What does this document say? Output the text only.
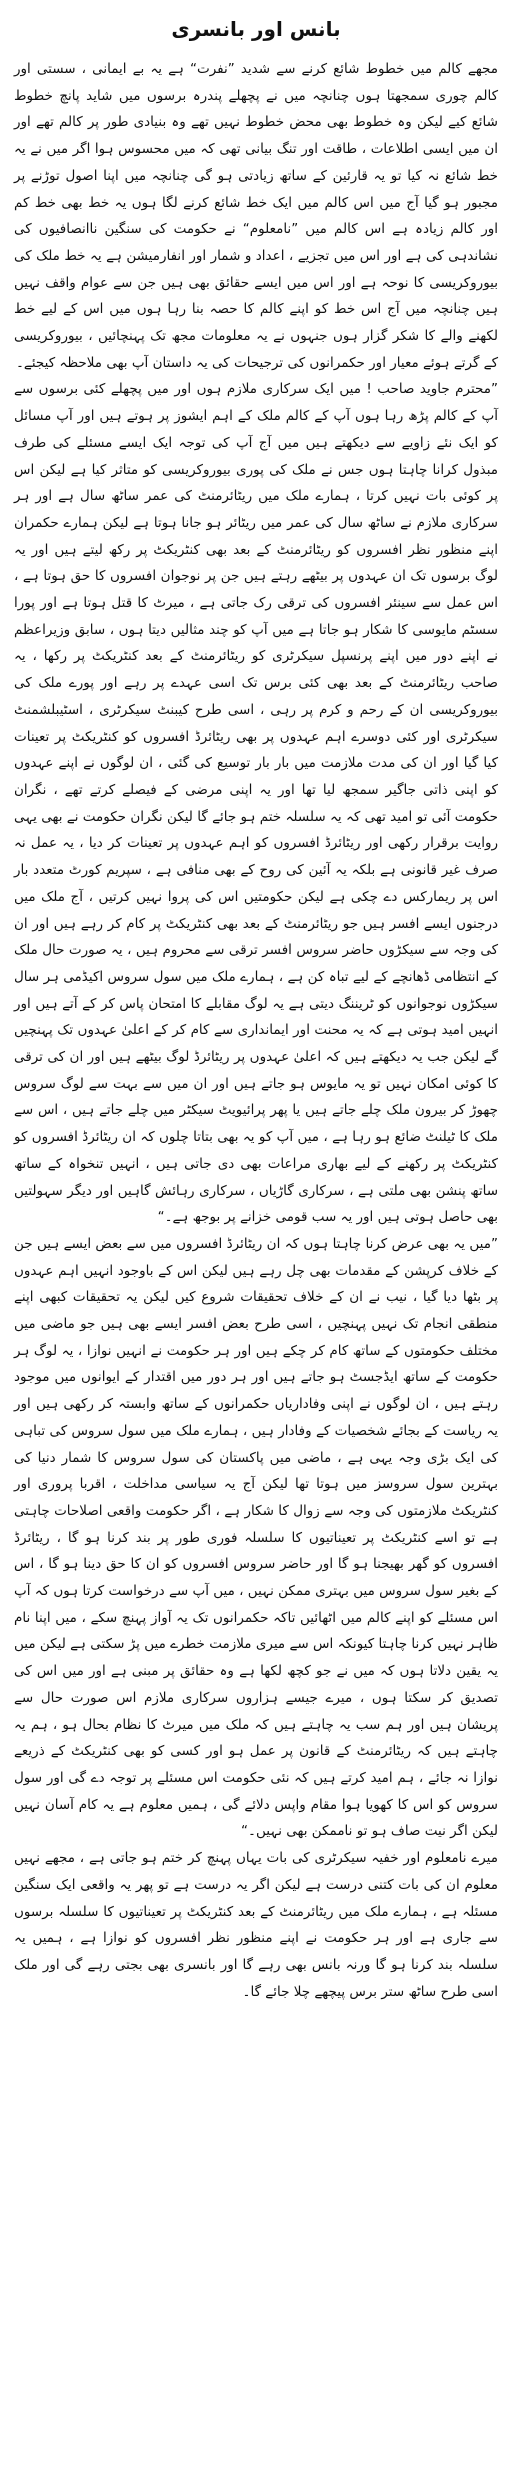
بانس اور بانسری

مجھے کالم میں خطوط شائع کرنے سے شدید ”نفرت“ ہے یہ بے ایمانی ، سستی اور کالم چوری سمجھتا ہوں چنانچہ میں نے پچھلے پندرہ برسوں میں شاید پانچ خطوط شائع کیے لیکن وہ خطوط بھی محض خطوط نہیں تھے وہ بنیادی طور پر کالم تھے اور ان میں ایسی اطلاعات ، طاقت اور تنگ بیانی تھی کہ میں محسوس ہوا اگر میں نے یہ خط شائع نہ کیا تو یہ قارئین کے ساتھ زیادتی ہو گی چنانچہ میں اپنا اصول توڑنے پر مجبور ہو گیا آج میں اس کالم میں ایک خط شائع کرنے لگا ہوں یہ خط بھی خط کم اور کالم زیادہ ہے اس کالم میں ”نامعلوم“ نے حکومت کی سنگین ناانصافیوں کی نشاندہی کی ہے اور اس میں تجزیے ، اعداد و شمار اور انفارمیشن ہے یہ خط ملک کی بیوروکریسی کا نوحہ ہے اور اس میں ایسے حقائق بھی ہیں جن سے عوام واقف نہیں ہیں چنانچہ میں آج اس خط کو اپنے کالم کا حصہ بنا رہا ہوں میں اس کے لیے خط لکھنے والے کا شکر گزار ہوں جنہوں نے یہ معلومات مجھ تک پہنچائیں ، بیوروکریسی کے گرتے ہوئے معیار اور حکمرانوں کی ترجیحات کی یہ داستان آپ بھی ملاحظہ کیجئے۔

”محترم جاوید صاحب ! میں ایک سرکاری ملازم ہوں اور میں پچھلے کئی برسوں سے آپ کے کالم پڑھ رہا ہوں آپ کے کالم ملک کے اہم ایشوز پر ہوتے ہیں اور آپ مسائل کو ایک نئے زاویے سے دیکھتے ہیں میں آج آپ کی توجہ ایک ایسے مسئلے کی طرف مبذول کرانا چاہتا ہوں جس نے ملک کی پوری بیوروکریسی کو متاثر کیا ہے لیکن اس پر کوئی بات نہیں کرتا ، ہمارے ملک میں ریٹائرمنٹ کی عمر ساٹھ سال ہے اور ہر سرکاری ملازم نے ساٹھ سال کی عمر میں ریٹائر ہو جانا ہوتا ہے لیکن ہمارے حکمران اپنے منظور نظر افسروں کو ریٹائرمنٹ کے بعد بھی کنٹریکٹ پر رکھ لیتے ہیں اور یہ لوگ برسوں تک ان عہدوں پر بیٹھے رہتے ہیں جن پر نوجوان افسروں کا حق ہوتا ہے ، اس عمل سے سینئر افسروں کی ترقی رک جاتی ہے ، میرٹ کا قتل ہوتا ہے اور پورا سسٹم مایوسی کا شکار ہو جاتا ہے میں آپ کو چند مثالیں دیتا ہوں ، سابق وزیراعظم نے اپنے دور میں اپنے پرنسپل سیکرٹری کو ریٹائرمنٹ کے بعد کنٹریکٹ پر رکھا ، یہ صاحب ریٹائرمنٹ کے بعد بھی کئی برس تک اسی عہدے پر رہے اور پورے ملک کی بیوروکریسی ان کے رحم و کرم پر رہی ، اسی طرح کیبنٹ سیکرٹری ، اسٹیبلشمنٹ سیکرٹری اور کئی دوسرے اہم عہدوں پر بھی ریٹائرڈ افسروں کو کنٹریکٹ پر تعینات کیا گیا اور ان کی مدت ملازمت میں بار بار توسیع کی گئی ، ان لوگوں نے اپنے عہدوں کو اپنی ذاتی جاگیر سمجھ لیا تھا اور یہ اپنی مرضی کے فیصلے کرتے تھے ، نگران حکومت آئی تو امید تھی کہ یہ سلسلہ ختم ہو جائے گا لیکن نگران حکومت نے بھی یہی روایت برقرار رکھی اور ریٹائرڈ افسروں کو اہم عہدوں پر تعینات کر دیا ، یہ عمل نہ صرف غیر قانونی ہے بلکہ یہ آئین کی روح کے بھی منافی ہے ، سپریم کورٹ متعدد بار اس پر ریمارکس دے چکی ہے لیکن حکومتیں اس کی پروا نہیں کرتیں ، آج ملک میں درجنوں ایسے افسر ہیں جو ریٹائرمنٹ کے بعد بھی کنٹریکٹ پر کام کر رہے ہیں اور ان کی وجہ سے سیکڑوں حاضر سروس افسر ترقی سے محروم ہیں ، یہ صورت حال ملک کے انتظامی ڈھانچے کے لیے تباہ کن ہے ، ہمارے ملک میں سول سروس اکیڈمی ہر سال سیکڑوں نوجوانوں کو ٹریننگ دیتی ہے یہ لوگ مقابلے کا امتحان پاس کر کے آتے ہیں اور انہیں امید ہوتی ہے کہ یہ محنت اور ایمانداری سے کام کر کے اعلیٰ عہدوں تک پہنچیں گے لیکن جب یہ دیکھتے ہیں کہ اعلیٰ عہدوں پر ریٹائرڈ لوگ بیٹھے ہیں اور ان کی ترقی کا کوئی امکان نہیں تو یہ مایوس ہو جاتے ہیں اور ان میں سے بہت سے لوگ سروس چھوڑ کر بیرون ملک چلے جاتے ہیں یا پھر پرائیویٹ سیکٹر میں چلے جاتے ہیں ، اس سے ملک کا ٹیلنٹ ضائع ہو رہا ہے ، میں آپ کو یہ بھی بتاتا چلوں کہ ان ریٹائرڈ افسروں کو کنٹریکٹ پر رکھنے کے لیے بھاری مراعات بھی دی جاتی ہیں ، انہیں تنخواہ کے ساتھ ساتھ پنشن بھی ملتی ہے ، سرکاری گاڑیاں ، سرکاری رہائش گاہیں اور دیگر سہولتیں بھی حاصل ہوتی ہیں اور یہ سب قومی خزانے پر بوجھ ہے۔“

”میں یہ بھی عرض کرنا چاہتا ہوں کہ ان ریٹائرڈ افسروں میں سے بعض ایسے ہیں جن کے خلاف کرپشن کے مقدمات بھی چل رہے ہیں لیکن اس کے باوجود انہیں اہم عہدوں پر بٹھا دیا گیا ، نیب نے ان کے خلاف تحقیقات شروع کیں لیکن یہ تحقیقات کبھی اپنے منطقی انجام تک نہیں پہنچیں ، اسی طرح بعض افسر ایسے بھی ہیں جو ماضی میں مختلف حکومتوں کے ساتھ کام کر چکے ہیں اور ہر حکومت نے انہیں نوازا ، یہ لوگ ہر حکومت کے ساتھ ایڈجسٹ ہو جاتے ہیں اور ہر دور میں اقتدار کے ایوانوں میں موجود رہتے ہیں ، ان لوگوں نے اپنی وفاداریاں حکمرانوں کے ساتھ وابستہ کر رکھی ہیں اور یہ ریاست کے بجائے شخصیات کے وفادار ہیں ، ہمارے ملک میں سول سروس کی تباہی کی ایک بڑی وجہ یہی ہے ، ماضی میں پاکستان کی سول سروس کا شمار دنیا کی بہترین سول سروسز میں ہوتا تھا لیکن آج یہ سیاسی مداخلت ، اقربا پروری اور کنٹریکٹ ملازمتوں کی وجہ سے زوال کا شکار ہے ، اگر حکومت واقعی اصلاحات چاہتی ہے تو اسے کنٹریکٹ پر تعیناتیوں کا سلسلہ فوری طور پر بند کرنا ہو گا ، ریٹائرڈ افسروں کو گھر بھیجنا ہو گا اور حاضر سروس افسروں کو ان کا حق دینا ہو گا ، اس کے بغیر سول سروس میں بہتری ممکن نہیں ، میں آپ سے درخواست کرتا ہوں کہ آپ اس مسئلے کو اپنے کالم میں اٹھائیں تاکہ حکمرانوں تک یہ آواز پہنچ سکے ، میں اپنا نام ظاہر نہیں کرنا چاہتا کیونکہ اس سے میری ملازمت خطرے میں پڑ سکتی ہے لیکن میں یہ یقین دلاتا ہوں کہ میں نے جو کچھ لکھا ہے وہ حقائق پر مبنی ہے اور میں اس کی تصدیق کر سکتا ہوں ، میرے جیسے ہزاروں سرکاری ملازم اس صورت حال سے پریشان ہیں اور ہم سب یہ چاہتے ہیں کہ ملک میں میرٹ کا نظام بحال ہو ، ہم یہ چاہتے ہیں کہ ریٹائرمنٹ کے قانون پر عمل ہو اور کسی کو بھی کنٹریکٹ کے ذریعے نوازا نہ جائے ، ہم امید کرتے ہیں کہ نئی حکومت اس مسئلے پر توجہ دے گی اور سول سروس کو اس کا کھویا ہوا مقام واپس دلائے گی ، ہمیں معلوم ہے یہ کام آسان نہیں لیکن اگر نیت صاف ہو تو ناممکن بھی نہیں۔“

میرے نامعلوم اور خفیہ سیکرٹری کی بات یہاں پہنچ کر ختم ہو جاتی ہے ، مجھے نہیں معلوم ان کی بات کتنی درست ہے لیکن اگر یہ درست ہے تو پھر یہ واقعی ایک سنگین مسئلہ ہے ، ہمارے ملک میں ریٹائرمنٹ کے بعد کنٹریکٹ پر تعیناتیوں کا سلسلہ برسوں سے جاری ہے اور ہر حکومت نے اپنے منظور نظر افسروں کو نوازا ہے ، ہمیں یہ سلسلہ بند کرنا ہو گا ورنہ بانس بھی رہے گا اور بانسری بھی بجتی رہے گی اور ملک اسی طرح ساٹھ ستر برس پیچھے چلا جائے گا۔
